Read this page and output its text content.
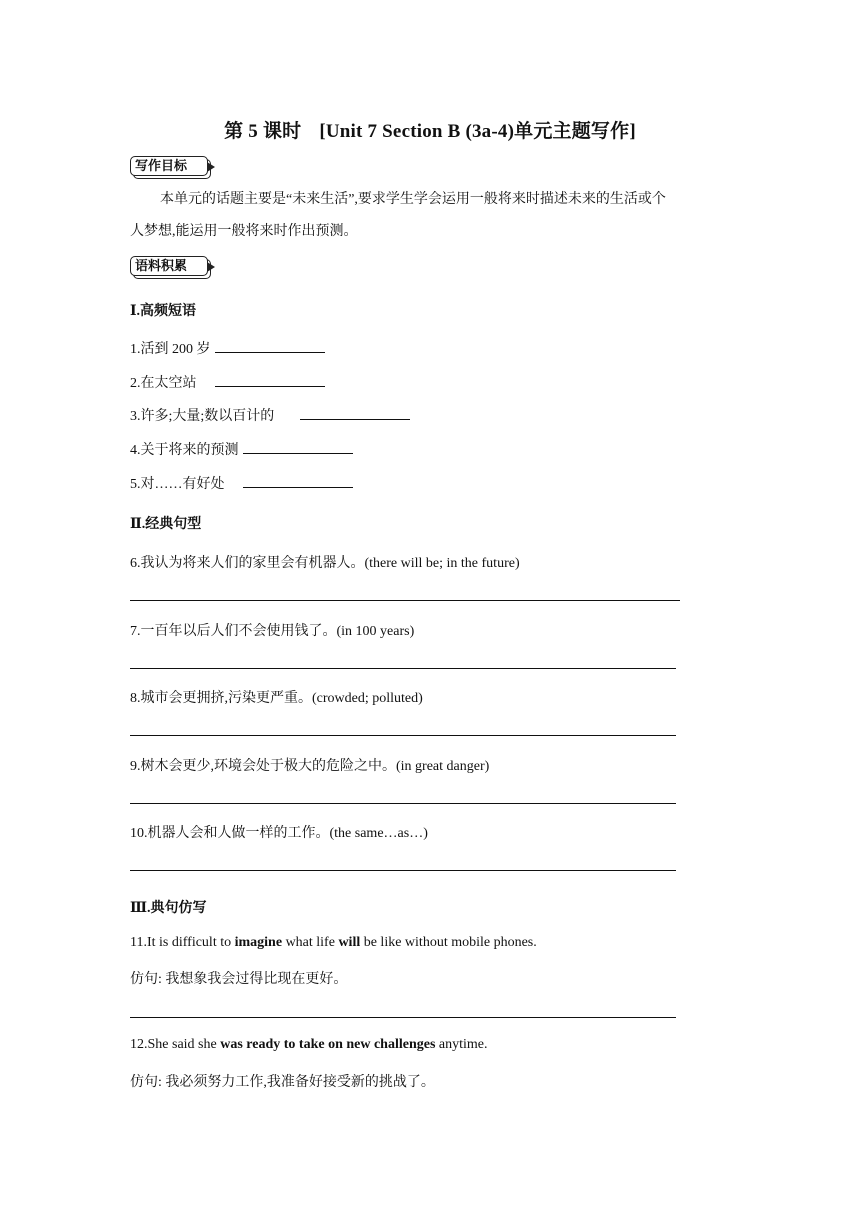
第 5 课时 [Unit 7 Section B (3a-4)单元主题写作]
写作目标
本单元的话题主要是“未来生活”,要求学生学会运用一般将来时描述未来的生活或个
人梦想,能运用一般将来时作出预测。
语料积累
Ⅰ.高频短语
1.活到 200 岁
2.在太空站
3.许多;大量;数以百计的
4.关于将来的预测
5.对……有好处
Ⅱ.经典句型
6.我认为将来人们的家里会有机器人。(there will be; in the future)
7.一百年以后人们不会使用钱了。(in 100 years)
8.城市会更拥挤,污染更严重。(crowded; polluted)
9.树木会更少,环境会处于极大的危险之中。(in great danger)
10.机器人会和人做一样的工作。(the same…as…)
Ⅲ.典句仿写
11.It is difficult to imagine what life will be like without mobile phones.
仿句: 我想象我会过得比现在更好。
12.She said she was ready to take on new challenges anytime.
仿句: 我必须努力工作,我准备好接受新的挑战了。
